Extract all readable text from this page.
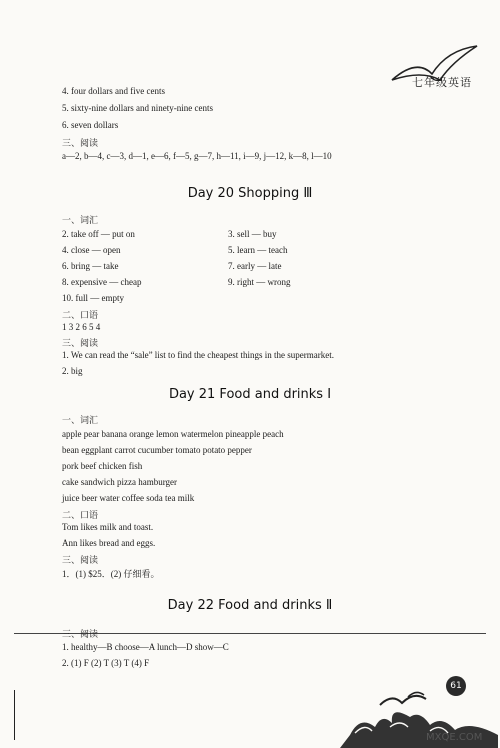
七年级英语
4. four dollars and five cents
5. sixty-nine dollars and ninety-nine cents
6. seven dollars
三、阅读
a—2, b—4, c—3, d—1, e—6, f—5, g—7, h—11, i—9, j—12, k—8, l—10
Day 20 Shopping Ⅲ
一、词汇
2. take off — put on
4. close — open
6. bring — take
8. expensive — cheap
10. full — empty
3. sell — buy
5. learn — teach
7. early — late
9. right — wrong
二、口语
1 3 2 6 5 4
三、阅读
1. We can read the “sale” list to find the cheapest things in the supermarket.
2. big
Day 21 Food and drinks Ⅰ
一、词汇
apple pear banana orange lemon watermelon pineapple peach
bean eggplant carrot cucumber tomato potato pepper
pork beef chicken fish
cake sandwich pizza hamburger
juice beer water coffee soda tea milk
二、口语
Tom likes milk and toast.
Ann likes bread and eggs.
三、阅读
1．(1) $25．(2) 仔细看。
Day 22 Food and drinks Ⅱ
三、阅读
1. healthy—B choose—A lunch—D show—C
2. (1) F (2) T (3) T (4) F
61
MXQE.COM
